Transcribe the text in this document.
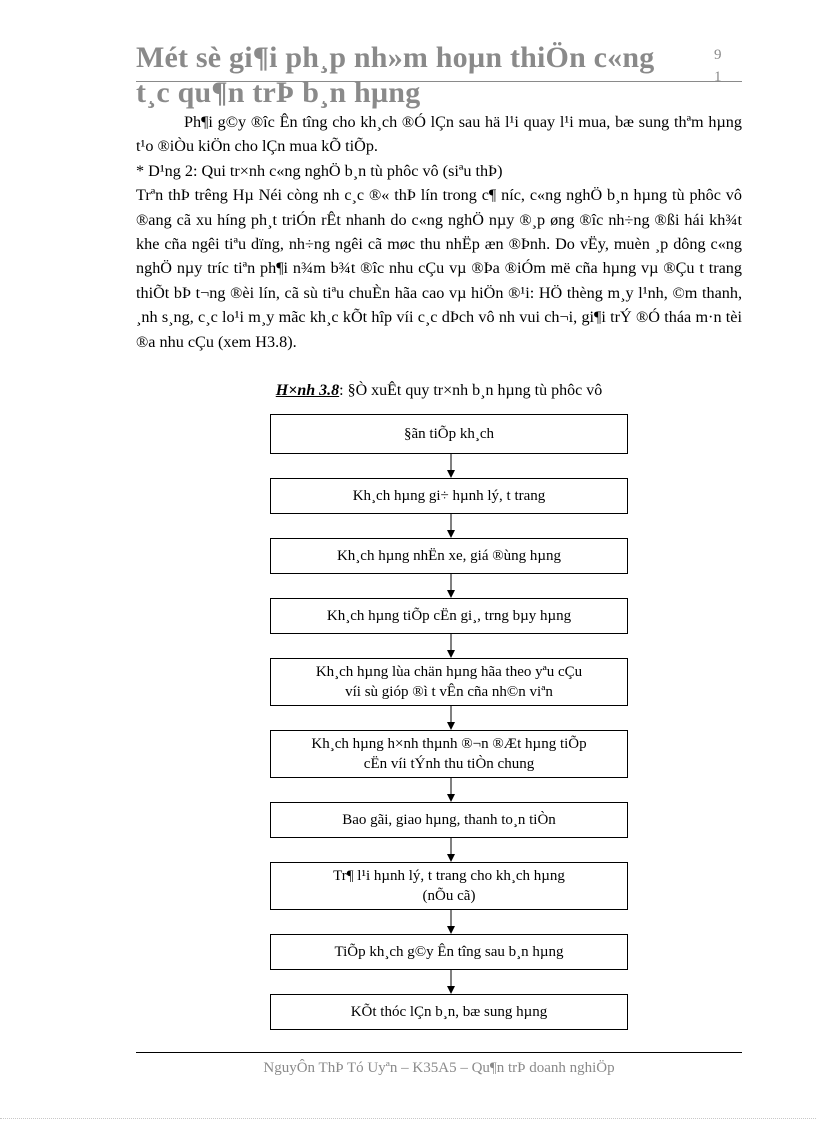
Mét sè gi¶i ph¸p nh»m hoµn thiÖn c«ng
t¸c qu¶n trÞ b¸n hµng
9
1

Ph¶i g©y ®îc Ên tîng cho kh¸ch ®Ó lÇn sau hä l¹i quay l¹i mua, bæ sung thªm hµng t¹o ®iÒu kiÖn cho lÇn mua kÕ tiÕp.

* D¹ng 2: Qui tr×nh c«ng nghÖ b¸n tù phôc vô (siªu thÞ)

Trªn thÞ trêng Hµ Néi còng nh c¸c ®« thÞ lín trong c¶ níc, c«ng nghÖ b¸n hµng tù phôc vô ®ang cã xu híng ph¸t triÓn rÊt nhanh do c«ng nghÖ nµy ®¸p øng ®îc nh÷ng ®ßi hái kh¾t khe cña ngêi tiªu dïng, nh÷ng ngêi cã møc thu nhËp æn ®Þnh. Do vËy, muèn ¸p dông c«ng nghÖ nµy tríc tiªn ph¶i n¾m b¾t ®îc nhu cÇu vµ ®Þa ®iÓm më cña hµng vµ ®Çu t trang thiÕt bÞ t¬ng ®èi lín, cã sù tiªu chuÈn hãa cao vµ hiÖn ®¹i: HÖ thèng m¸y l¹nh, ©m thanh, ¸nh s¸ng, c¸c lo¹i m¸y mãc kh¸c kÕt hîp víi c¸c dÞch vô nh vui ch¬i, gi¶i trÝ ®Ó tháa m·n tèi ®a nhu cÇu (xem H3.8).

H×nh 3.8: §Ò xuÊt quy tr×nh b¸n hµng tù phôc vô
§ãn tiÕp kh¸ch
Kh¸ch hµng gi÷ hµnh lý, t trang
Kh¸ch hµng nhËn xe, giá ®ùng hµng
Kh¸ch hµng tiÕp cËn gi¸, trng bµy hµng
Kh¸ch hµng lùa chän hµng hãa theo yªu cÇu
víi sù gióp ®ì t vÊn cña nh©n viªn
Kh¸ch hµng h×nh thµnh ®¬n ®Æt hµng tiÕp
cËn víi tÝnh thu tiÒn chung
Bao gãi, giao hµng, thanh to¸n tiÒn
Tr¶ l¹i hµnh lý, t trang cho kh¸ch hµng
(nÕu cã)
TiÕp kh¸ch g©y Ên tîng sau b¸n hµng
KÕt thóc lÇn b¸n, bæ sung hµng
NguyÔn ThÞ Tó Uyªn – K35A5 – Qu¶n trÞ doanh nghiÖp
